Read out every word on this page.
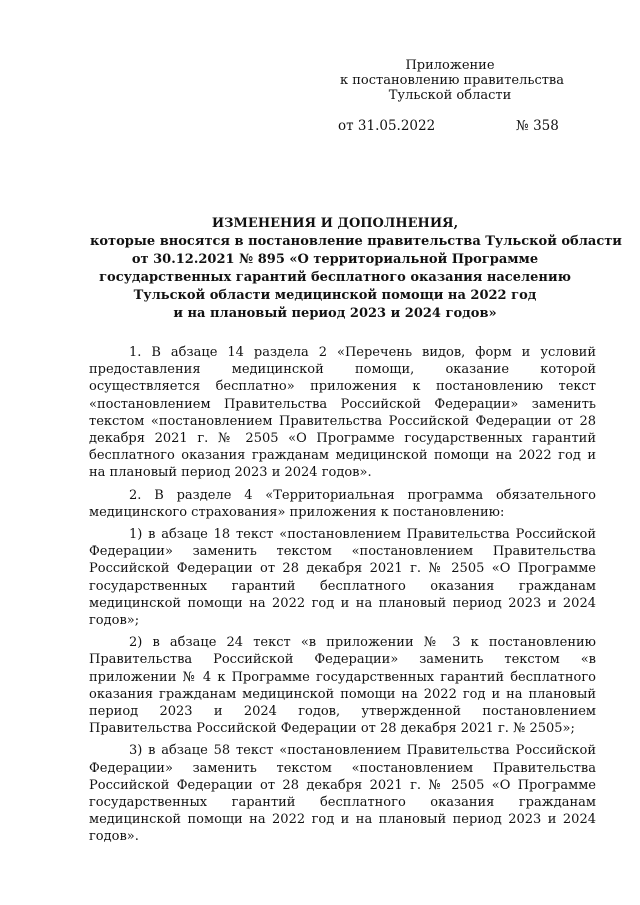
Приложение
к постановлению правительства
Тульской области
от 31.05.2022	№ 358
ИЗМЕНЕНИЯ И ДОПОЛНЕНИЯ,
которые вносятся в постановление правительства Тульской области
от 30.12.2021 № 895 «О территориальной Программе
государственных гарантий бесплатного оказания населению
Тульской области медицинской помощи на 2022 год
и на плановый период 2023 и 2024 годов»

1. В абзаце 14 раздела 2 «Перечень видов, форм и условий предоставления медицинской помощи, оказание которой осуществляется бесплатно» приложения к постановлению текст «постановлением Правительства Российской Федерации» заменить текстом «постановлением Правительства Российской Федерации от 28 декабря 2021 г. № 2505 «О Программе государственных гарантий бесплатного оказания гражданам медицинской помощи на 2022 год и на плановый период 2023 и 2024 годов».

2. В разделе 4 «Территориальная программа обязательного медицинского страхования» приложения к постановлению:

1) в абзаце 18 текст «постановлением Правительства Российской Федерации» заменить текстом «постановлением Правительства Российской Федерации от 28 декабря 2021 г. № 2505 «О Программе государственных гарантий бесплатного оказания гражданам медицинской помощи на 2022 год и на плановый период 2023 и 2024 годов»;

2) в абзаце 24 текст «в приложении № 3 к постановлению Правительства Российской Федерации» заменить текстом «в приложении № 4 к Программе государственных гарантий бесплатного оказания гражданам медицинской помощи на 2022 год и на плановый период 2023 и 2024 годов, утвержденной постановлением Правительства Российской Федерации от 28 декабря 2021 г. № 2505»;

3) в абзаце 58 текст «постановлением Правительства Российской Федерации» заменить текстом «постановлением Правительства Российской Федерации от 28 декабря 2021 г. № 2505 «О Программе государственных гарантий бесплатного оказания гражданам медицинской помощи на 2022 год и на плановый период 2023 и 2024 годов».
